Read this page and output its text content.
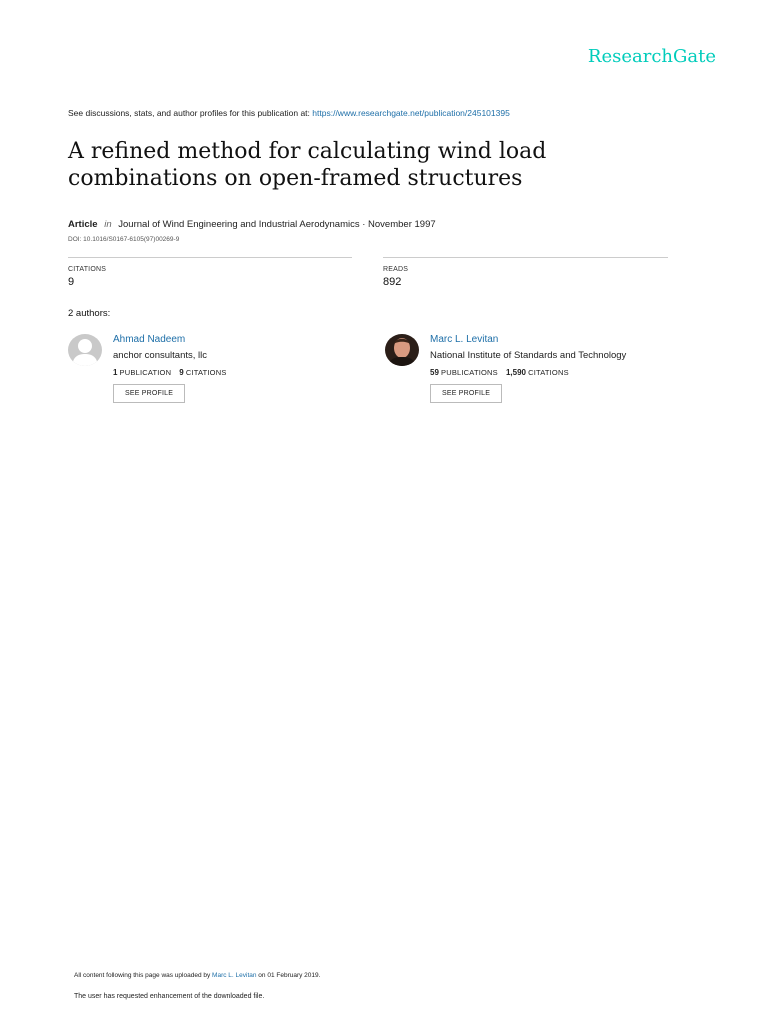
ResearchGate
See discussions, stats, and author profiles for this publication at: https://www.researchgate.net/publication/245101395
A refined method for calculating wind load combinations on open-framed structures
Article in Journal of Wind Engineering and Industrial Aerodynamics · November 1997
DOI: 10.1016/S0167-6105(97)00269-9
CITATIONS
9
READS
892
2 authors:
Ahmad Nadeem
anchor consultants, llc
1 PUBLICATION 9 CITATIONS
SEE PROFILE
Marc L. Levitan
National Institute of Standards and Technology
59 PUBLICATIONS 1,590 CITATIONS
SEE PROFILE
All content following this page was uploaded by Marc L. Levitan on 01 February 2019.
The user has requested enhancement of the downloaded file.
